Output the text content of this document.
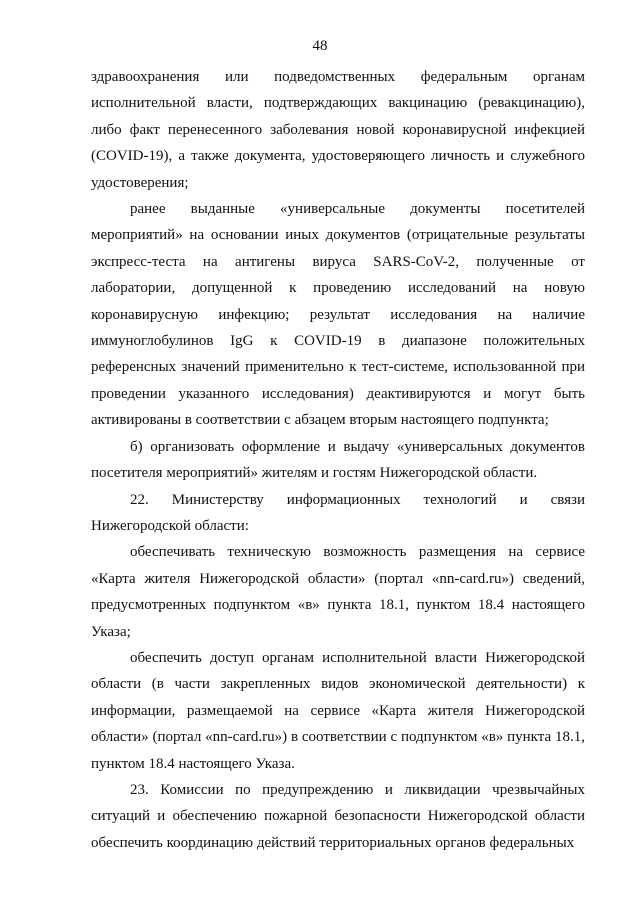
48

здравоохранения или подведомственных федеральным органам исполнительной власти, подтверждающих вакцинацию (ревакцинацию), либо факт перенесенного заболевания новой коронавирусной инфекцией (COVID-19), а также документа, удостоверяющего личность и служебного удостоверения;

ранее выданные «универсальные документы посетителей мероприятий» на основании иных документов (отрицательные результаты экспресс-теста на антигены вируса SARS-CoV-2, полученные от лаборатории, допущенной к проведению исследований на новую коронавирусную инфекцию; результат исследования на наличие иммуноглобулинов IgG к COVID-19 в диапазоне положительных референсных значений применительно к тест-системе, использованной при проведении указанного исследования) деактивируются и могут быть активированы в соответствии с абзацем вторым настоящего подпункта;

б) организовать оформление и выдачу «универсальных документов посетителя мероприятий» жителям и гостям Нижегородской области.

22. Министерству информационных технологий и связи Нижегородской области:

обеспечивать техническую возможность размещения на сервисе «Карта жителя Нижегородской области» (портал «nn-card.ru») сведений, предусмотренных подпунктом «в» пункта 18.1, пунктом 18.4 настоящего Указа;

обеспечить доступ органам исполнительной власти Нижегородской области (в части закрепленных видов экономической деятельности) к информации, размещаемой на сервисе «Карта жителя Нижегородской области» (портал «nn-card.ru») в соответствии с подпунктом «в» пункта 18.1, пунктом 18.4 настоящего Указа.

23. Комиссии по предупреждению и ликвидации чрезвычайных ситуаций и обеспечению пожарной безопасности Нижегородской области обеспечить координацию действий территориальных органов федеральных
